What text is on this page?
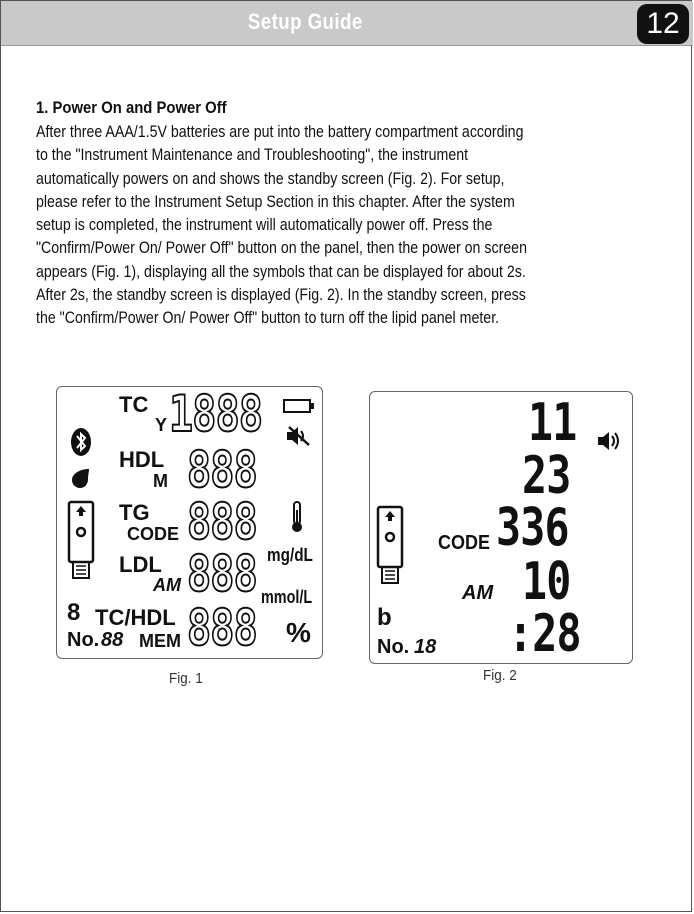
Setup Guide	12
1. Power On and Power Off

After three AAA/1.5V batteries are put into the battery compartment according
to the "Instrument Maintenance and Troubleshooting", the instrument
automatically powers on and shows the standby screen (Fig. 2). For setup,
please refer to the Instrument Setup Section in this chapter. After the system
setup is completed, the instrument will automatically power off. Press the
"Confirm/Power On/ Power Off" button on the panel, then the power on screen
appears (Fig. 1), displaying all the symbols that can be displayed for about 2s.
After 2s, the standby screen is displayed (Fig. 2). In the standby screen, press
the "Confirm/Power On/ Power Off" button to turn off the lipid panel meter.

TC
Y 1888
HDL
M 888
TG
CODE 888
LDL
AM 888
8 TC/HDL
No. 88 MEM 888
mg/dL
mmol/L
%
Fig. 1
11
23
CODE 336
AM 10
b
No. 18 :28
Fig. 2
